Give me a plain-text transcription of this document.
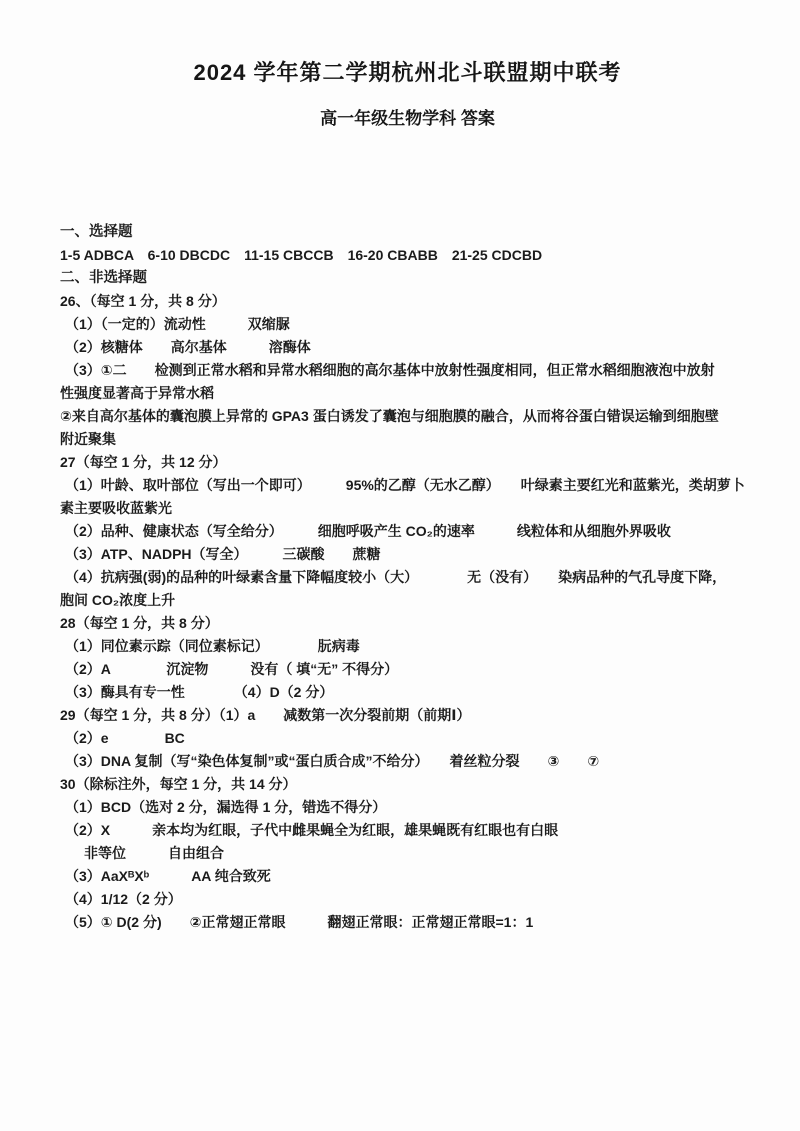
2024 学年第二学期杭州北斗联盟期中联考
高一年级生物学科 答案
一、选择题
1-5 ADBCA　6-10 DBCDC　11-15 CBCCB　16-20 CBABB　21-25 CDCBD
二、非选择题
26、（每空 1 分，共 8 分）
（1）（一定的）流动性　　　双缩脲
（2）核糖体　　高尔基体　　　溶酶体
（3）①二　　检测到正常水稻和异常水稻细胞的高尔基体中放射性强度相同，但正常水稻细胞液泡中放射
性强度显著高于异常水稻
②来自高尔基体的囊泡膜上异常的 GPA3 蛋白诱发了囊泡与细胞膜的融合，从而将谷蛋白错误运输到细胞壁
附近聚集
27（每空 1 分，共 12 分）
（1）叶龄、取叶部位（写出一个即可）　　　95%的乙醇（无水乙醇）　　叶绿素主要红光和蓝紫光，类胡萝卜
素主要吸收蓝紫光
（2）品种、健康状态（写全给分）　　　细胞呼吸产生 CO₂的速率　　　线粒体和从细胞外界吸收
（3）ATP、NADPH（写全）　　　三碳酸　　蔗糖
（4）抗病强(弱)的品种的叶绿素含量下降幅度较小（大）　　　　无（没有）　　染病品种的气孔导度下降，
胞间 CO₂浓度上升
28（每空 1 分，共 8 分）
（1）同位素示踪（同位素标记）　　　　朊病毒
（2）A　　　　沉淀物　　　没有（ 填“无” 不得分）
（3）酶具有专一性　　　　（4）D（2 分）
29（每空 1 分，共 8 分）（1）a　　减数第一次分裂前期（前期Ⅰ）
（2）e　　　　BC
（3）DNA 复制（写“染色体复制”或“蛋白质合成”不给分）　　着丝粒分裂　　③　　⑦
30（除标注外，每空 1 分，共 14 分）
（1）BCD（选对 2 分，漏选得 1 分，错选不得分）
（2）X　　　亲本均为红眼，子代中雌果蝇全为红眼，雄果蝇既有红眼也有白眼
非等位　　　自由组合
（3）AaXᴮXᵇ　　　AA 纯合致死
（4）1/12（2 分）
（5）① D(2 分)　　②正常翅正常眼　　　翻翅正常眼：正常翅正常眼=1：1
